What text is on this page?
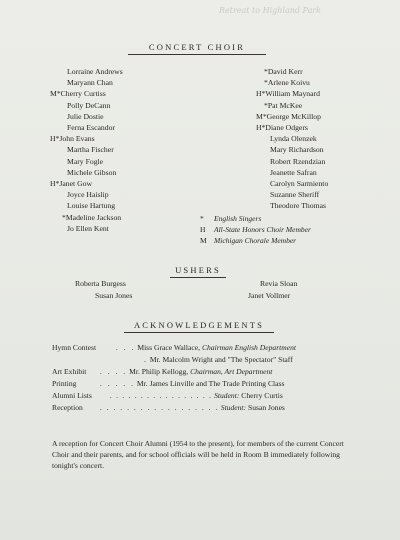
Retreat to Highland Park
CONCERT CHOIR
Lorraine Andrews
Maryann Chan
M*Cherry Curtiss
Polly DeCann
Julie Dostie
Ferna Escandor
H*John Evans
Martha Fischer
Mary Fogle
Michele Gibson
H*Janet Gow
Joyce Haislip
Louise Hartung
*Madeline Jackson
Jo Ellen Kent
*David Kerr
*Arlene Koivu
H*William Maynard
*Pat McKee
M*George McKillop
H*Diane Odgers
Lynda Olenzek
Mary Richardson
Robert Rzendzian
Jeanette Safran
Carolyn Sarmiento
Suzanne Sheriff
Theodore Thomas
* English Singers
H All-State Honors Choir Member
M Michigan Chorale Member
USHERS
Roberta Burgess	Revia Sloan
Susan Jones	Janet Vollmer
ACKNOWLEDGEMENTS
Hymn Contest	. . . Miss Grace Wallace, Chairman English Department
. Mr. Malcolm Wright and "The Spectator" Staff
Art Exhibit . . . . Mr. Philip Kellogg, Chairman, Art Department
Printing	. . . . . Mr. James Linville and The Trade Printing Class
Alumni Lists . . . . . . . . . . . . . . . . . Student: Cherry Curtis
Reception . . . . . . . . . . . . . . . . . . Student: Susan Jones
A reception for Concert Choir Alumni (1954 to the present), for members of the current Concert Choir and their parents, and for school officials will be held in Room B immediately following tonight's concert.
